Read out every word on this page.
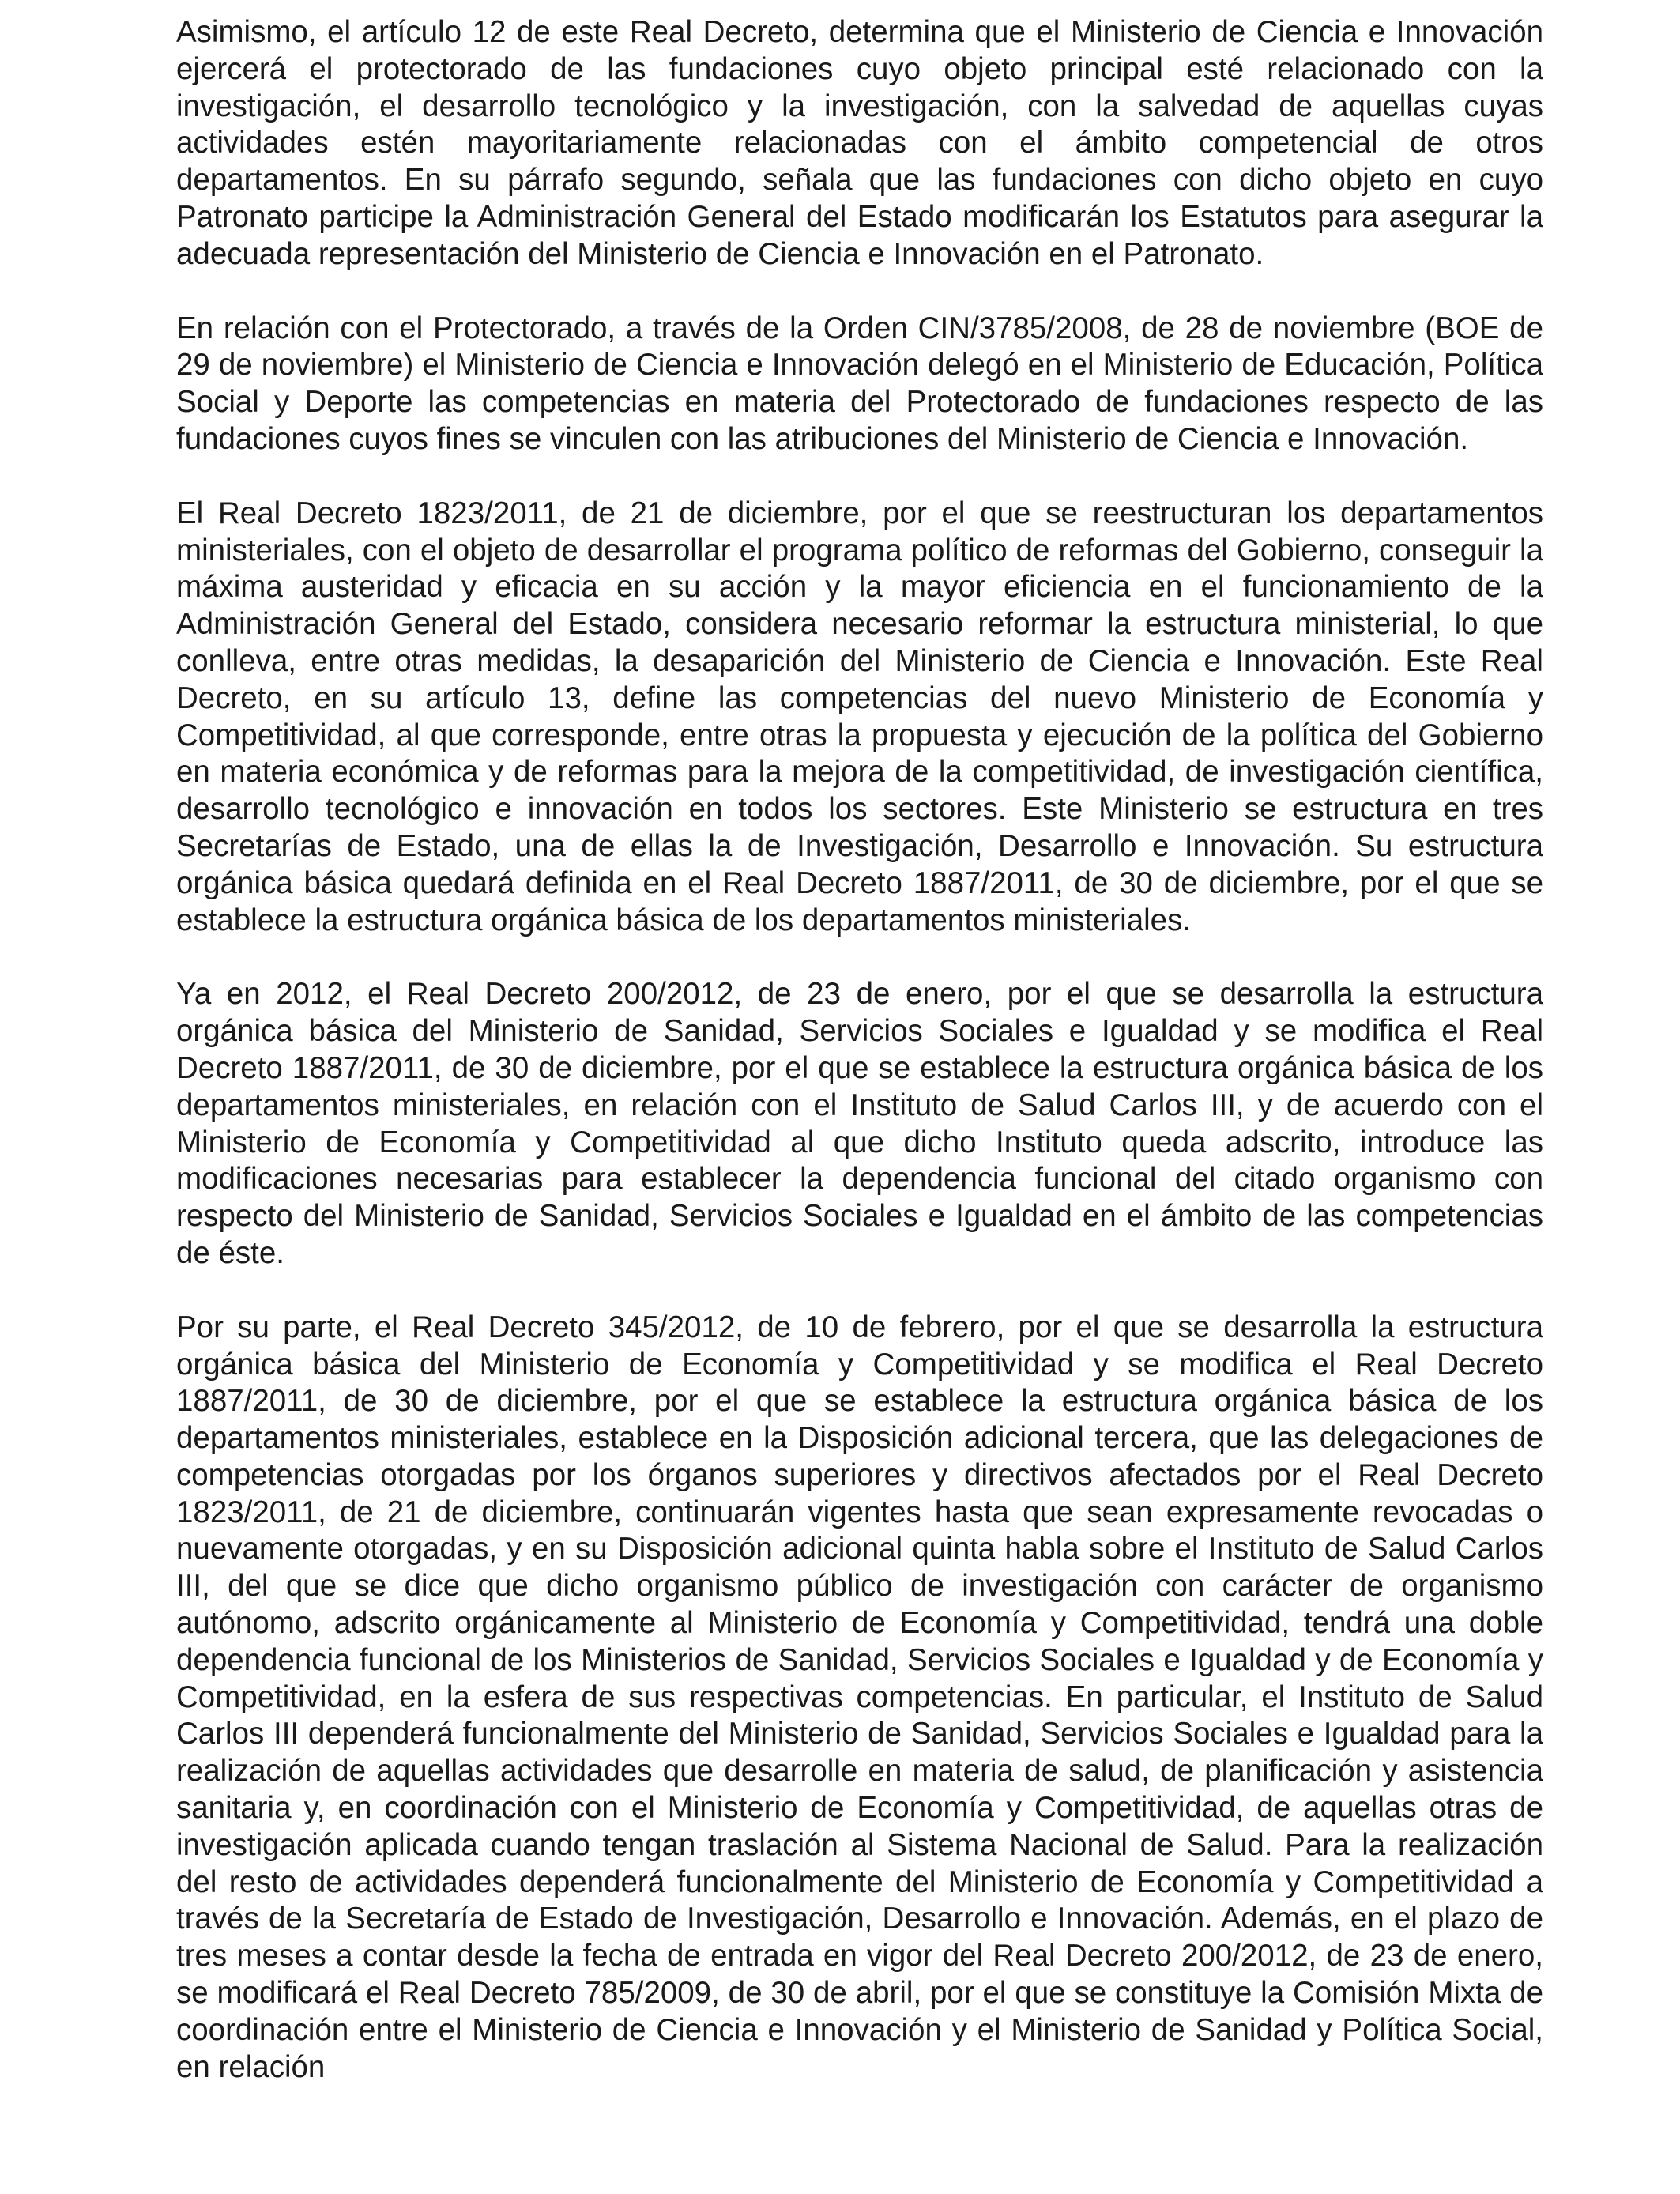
Asimismo, el artículo 12 de este Real Decreto, determina que el Ministerio de Ciencia e Innovación ejercerá el protectorado de las fundaciones cuyo objeto principal esté relacionado con la investigación, el desarrollo tecnológico y la investigación, con la salvedad de aquellas cuyas actividades estén mayoritariamente relacionadas con el ámbito competencial de otros departamentos. En su párrafo segundo, señala que las fundaciones con dicho objeto en cuyo Patronato participe la Administración General del Estado modificarán los Estatutos para asegurar la adecuada representación del Ministerio de Ciencia e Innovación en el Patronato.

En relación con el Protectorado, a través de la Orden CIN/3785/2008, de 28 de noviembre (BOE de 29 de noviembre) el Ministerio de Ciencia e Innovación delegó en el Ministerio de Educación, Política Social y Deporte las competencias en materia del Protectorado de fundaciones respecto de las fundaciones cuyos fines se vinculen con las atribuciones del Ministerio de Ciencia e Innovación.

El Real Decreto 1823/2011, de 21 de diciembre, por el que se reestructuran los departamentos ministeriales, con el objeto de desarrollar el programa político de reformas del Gobierno, conseguir la máxima austeridad y eficacia en su acción y la mayor eficiencia en el funcionamiento de la Administración General del Estado, considera necesario reformar la estructura ministerial, lo que conlleva, entre otras medidas, la desaparición del Ministerio de Ciencia e Innovación. Este Real Decreto, en su artículo 13, define las competencias del nuevo Ministerio de Economía y Competitividad, al que corresponde, entre otras la propuesta y ejecución de la política del Gobierno en materia económica y de reformas para la mejora de la competitividad, de investigación científica, desarrollo tecnológico e innovación en todos los sectores. Este Ministerio se estructura en tres Secretarías de Estado, una de ellas la de Investigación, Desarrollo e Innovación. Su estructura orgánica básica quedará definida en el Real Decreto 1887/2011, de 30 de diciembre, por el que se establece la estructura orgánica básica de los departamentos ministeriales.

Ya en 2012, el Real Decreto 200/2012, de 23 de enero, por el que se desarrolla la estructura orgánica básica del Ministerio de Sanidad, Servicios Sociales e Igualdad y se modifica el Real Decreto 1887/2011, de 30 de diciembre, por el que se establece la estructura orgánica básica de los departamentos ministeriales, en relación con el Instituto de Salud Carlos III, y de acuerdo con el Ministerio de Economía y Competitividad al que dicho Instituto queda adscrito, introduce las modificaciones necesarias para establecer la dependencia funcional del citado organismo con respecto del Ministerio de Sanidad, Servicios Sociales e Igualdad en el ámbito de las competencias de éste.

Por su parte, el Real Decreto 345/2012, de 10 de febrero, por el que se desarrolla la estructura orgánica básica del Ministerio de Economía y Competitividad y se modifica el Real Decreto 1887/2011, de 30 de diciembre, por el que se establece la estructura orgánica básica de los departamentos ministeriales, establece en la Disposición adicional tercera, que las delegaciones de competencias otorgadas por los órganos superiores y directivos afectados por el Real Decreto 1823/2011, de 21 de diciembre, continuarán vigentes hasta que sean expresamente revocadas o nuevamente otorgadas, y en su Disposición adicional quinta habla sobre el Instituto de Salud Carlos III, del que se dice que dicho organismo público de investigación con carácter de organismo autónomo, adscrito orgánicamente al Ministerio de Economía y Competitividad, tendrá una doble dependencia funcional de los Ministerios de Sanidad, Servicios Sociales e Igualdad y de Economía y Competitividad, en la esfera de sus respectivas competencias. En particular, el Instituto de Salud Carlos III dependerá funcionalmente del Ministerio de Sanidad, Servicios Sociales e Igualdad para la realización de aquellas actividades que desarrolle en materia de salud, de planificación y asistencia sanitaria y, en coordinación con el Ministerio de Economía y Competitividad, de aquellas otras de investigación aplicada cuando tengan traslación al Sistema Nacional de Salud. Para la realización del resto de actividades dependerá funcionalmente del Ministerio de Economía y Competitividad a través de la Secretaría de Estado de Investigación, Desarrollo e Innovación. Además, en el plazo de tres meses a contar desde la fecha de entrada en vigor del Real Decreto 200/2012, de 23 de enero, se modificará el Real Decreto 785/2009, de 30 de abril, por el que se constituye la Comisión Mixta de coordinación entre el Ministerio de Ciencia e Innovación y el Ministerio de Sanidad y Política Social, en relación
